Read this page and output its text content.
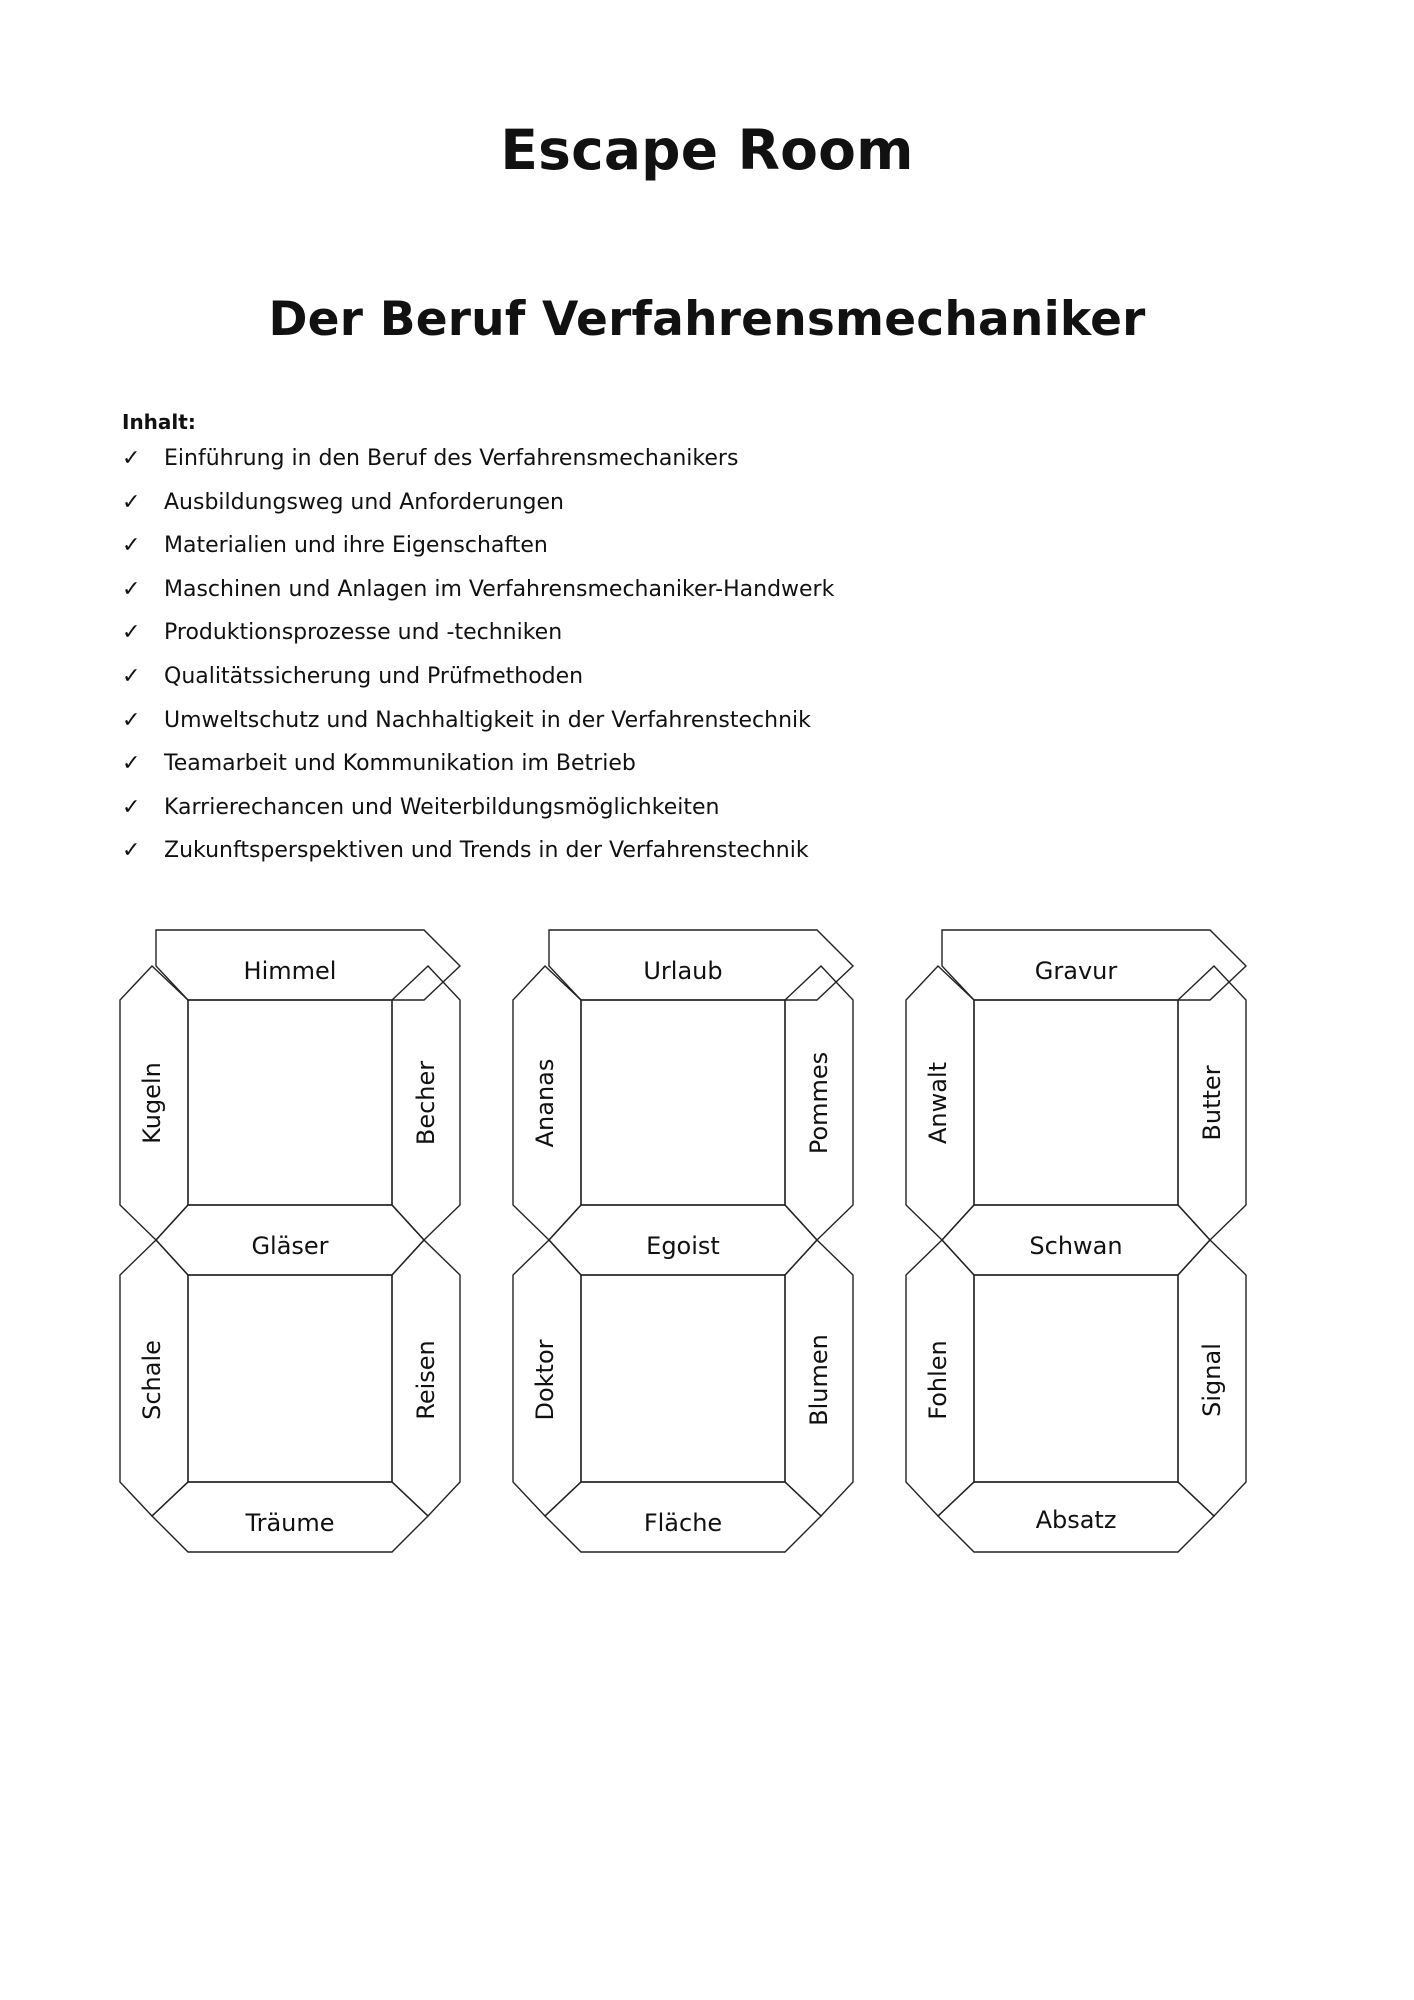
Escape Room
Der Beruf Verfahrensmechaniker
Inhalt:
✓	Einführung in den Beruf des Verfahrensmechanikers
✓	Ausbildungsweg und Anforderungen
✓	Materialien und ihre Eigenschaften
✓	Maschinen und Anlagen im Verfahrensmechaniker-Handwerk
✓	Produktionsprozesse und -techniken
✓	Qualitätssicherung und Prüfmethoden
✓	Umweltschutz und Nachhaltigkeit in der Verfahrenstechnik
✓	Teamarbeit und Kommunikation im Betrieb
✓	Karrierechancen und Weiterbildungsmöglichkeiten
✓	Zukunftsperspektiven und Trends in der Verfahrenstechnik
Himmel
Kugeln	Becher
Gläser
Schale	Reisen
Träume
Urlaub
Ananas	Pommes
Egoist
Doktor	Blumen
Fläche
Gravur
Anwalt	Butter
Schwan
Fohlen	Signal
Absatz
